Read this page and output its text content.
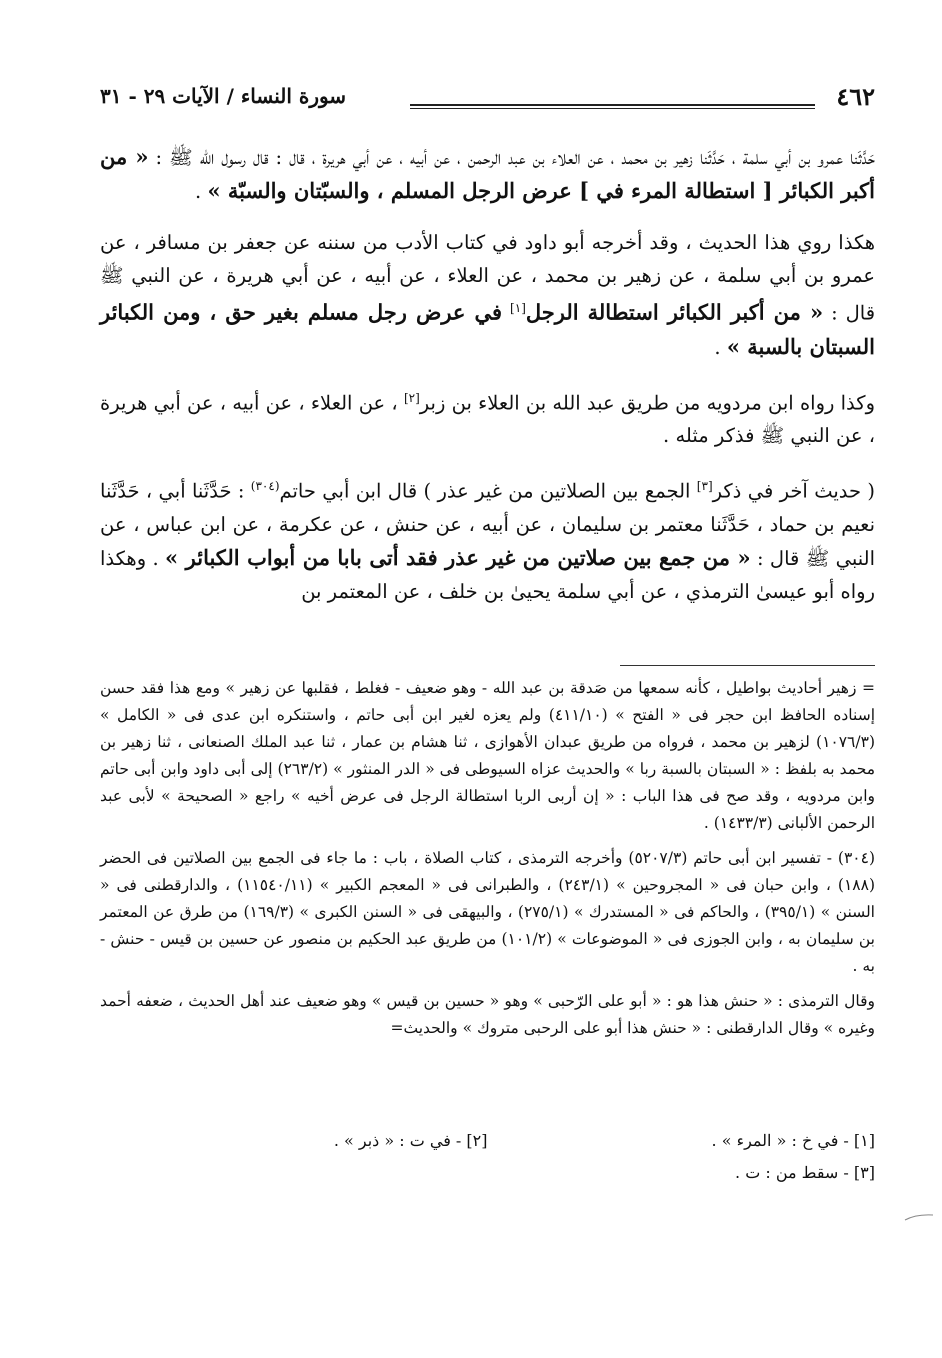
٤٦٢
سورة النساء / الآيات ٢٩ - ٣١

حَدَّثَنا عمرو بن أبي سلمة ، حَدَّثَنا زهير بن محمد ، عن العلاء بن عبد الرحمن ، عن أبيه ، عن أبي هريرة ، قال : قال رسول الله ﷺ : « من أكبر الكبائر [ استطالة المرء في ] عرض الرجل المسلم ، والسبّتان والسبّة » .

هكذا روي هذا الحديث ، وقد أخرجه أبو داود في كتاب الأدب من سننه عن جعفر بن مسافر ، عن عمرو بن أبي سلمة ، عن زهير بن محمد ، عن العلاء ، عن أبيه ، عن أبي هريرة ، عن النبي ﷺ قال : « من أكبر الكبائر استطالة الرجل[١] في عرض رجل مسلم بغير حق ، ومن الكبائر السبتان بالسبة » .

وكذا رواه ابن مردويه من طريق عبد الله بن العلاء بن زبر[٢] ، عن العلاء ، عن أبيه ، عن أبي هريرة ، عن النبي ﷺ فذكر مثله .

( حديث آخر في ذكر[٣] الجمع بين الصلاتين من غير عذر ) قال ابن أبي حاتم$^{(٣٠٤)}$ : حَدَّثَنا أبي ، حَدَّثَنا نعيم بن حماد ، حَدَّثَنا معتمر بن سليمان ، عن أبيه ، عن حنش ، عن عكرمة ، عن ابن عباس ، عن النبي ﷺ قال : « من جمع بين صلاتين من غير عذر فقد أتى بابا من أبواب الكبائر » . وهكذا رواه أبو عيسىٰ الترمذي ، عن أبي سلمة يحيىٰ بن خلف ، عن المعتمر بن

= زهير أحاديث بواطيل ، كأنه سمعها من صَدقة بن عبد الله - وهو ضعيف - فغلط ، فقلبها عن زهير » ومع هذا فقد حسن إسناده الحافظ ابن حجر فى « الفتح » (٤١١/١٠) ولم يعزه لغير ابن أبى حاتم ، واستنكره ابن عدى فى « الكامل » (١٠٧٦/٣) لزهير بن محمد ، فرواه من طريق عبدان الأهوازى ، ثنا هشام بن عمار ، ثنا عبد الملك الصنعانى ، ثنا زهير بن محمد به بلفظ : « السبتان بالسبة ربا » والحديث عزاه السيوطى فى « الدر المنثور » (٢٦٣/٢) إلى أبى داود وابن أبى حاتم وابن مردويه ، وقد صح فى هذا الباب : « إن أربى الربا استطالة الرجل فى عرض أخيه » راجع « الصحيحة » لأبى عبد الرحمن الألبانى (١٤٣٣/٣) .

(٣٠٤) - تفسير ابن أبى حاتم (٥٢٠٧/٣) وأخرجه الترمذى ، كتاب الصلاة ، باب : ما جاء فى الجمع بين الصلاتين فى الحضر (١٨٨) ، وابن حبان فى « المجروحين » (٢٤٣/١) ، والطبرانى فى « المعجم الكبير » (١١٥٤٠/١١) ، والدارقطنى فى « السنن » (٣٩٥/١) ، والحاكم فى « المستدرك » (٢٧٥/١) ، والبيهقى فى « السنن الكبرى » (١٦٩/٣) من طرق عن المعتمر بن سليمان به ، وابن الجوزى فى « الموضوعات » (١٠١/٢) من طريق عبد الحكيم بن منصور عن حسين بن قيس - حنش - به .

وقال الترمذى : « حنش هذا هو : « أبو على الرّحبى » وهو « حسين بن قيس » وهو ضعيف عند أهل الحديث ، ضعفه أحمد وغيره » وقال الدارقطنى : « حنش هذا أبو على الرحبى متروك » والحديث=

[١] - في خ : « المرء » .
[٢] - في ت : « ذبر » .
[٣] - سقط من : ت .
